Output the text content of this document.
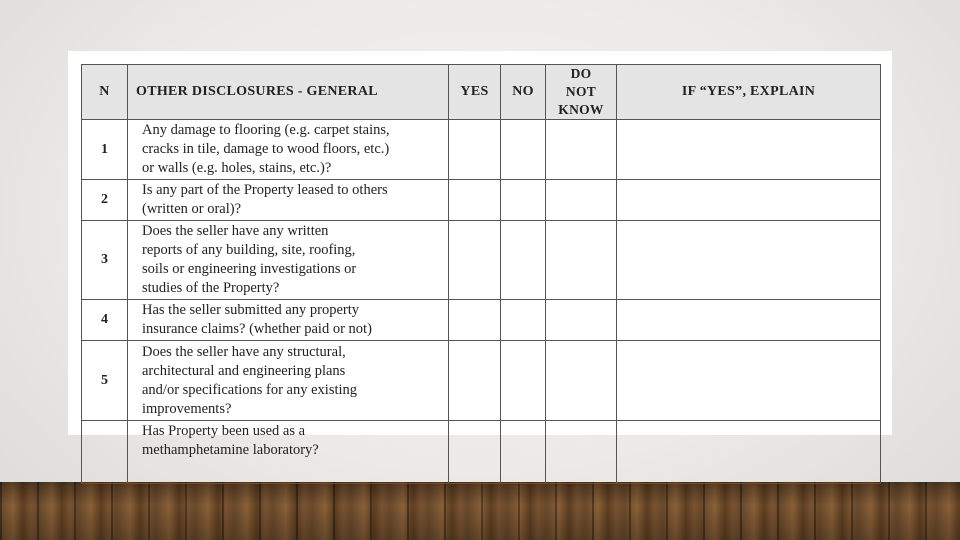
N	OTHER DISCLOSURES - GENERAL	YES	NO	DO
NOT
KNOW	IF “YES”, EXPLAIN
1	Any damage to flooring (e.g. carpet stains,
cracks in tile, damage to wood floors, etc.)
or walls (e.g. holes, stains, etc.)?				

2	Is any part of the Property leased to others
(written or oral)?				

3	Does the seller have any written
reports of any building, site, roofing,
soils or engineering investigations or
studies of the Property?				

4	Has the seller submitted any property
insurance claims? (whether paid or not)				

5	Does the seller have any structural,
architectural and engineering plans
and/or specifications for any existing
improvements?				

	Has Property been used as a
methamphetamine laboratory?				
